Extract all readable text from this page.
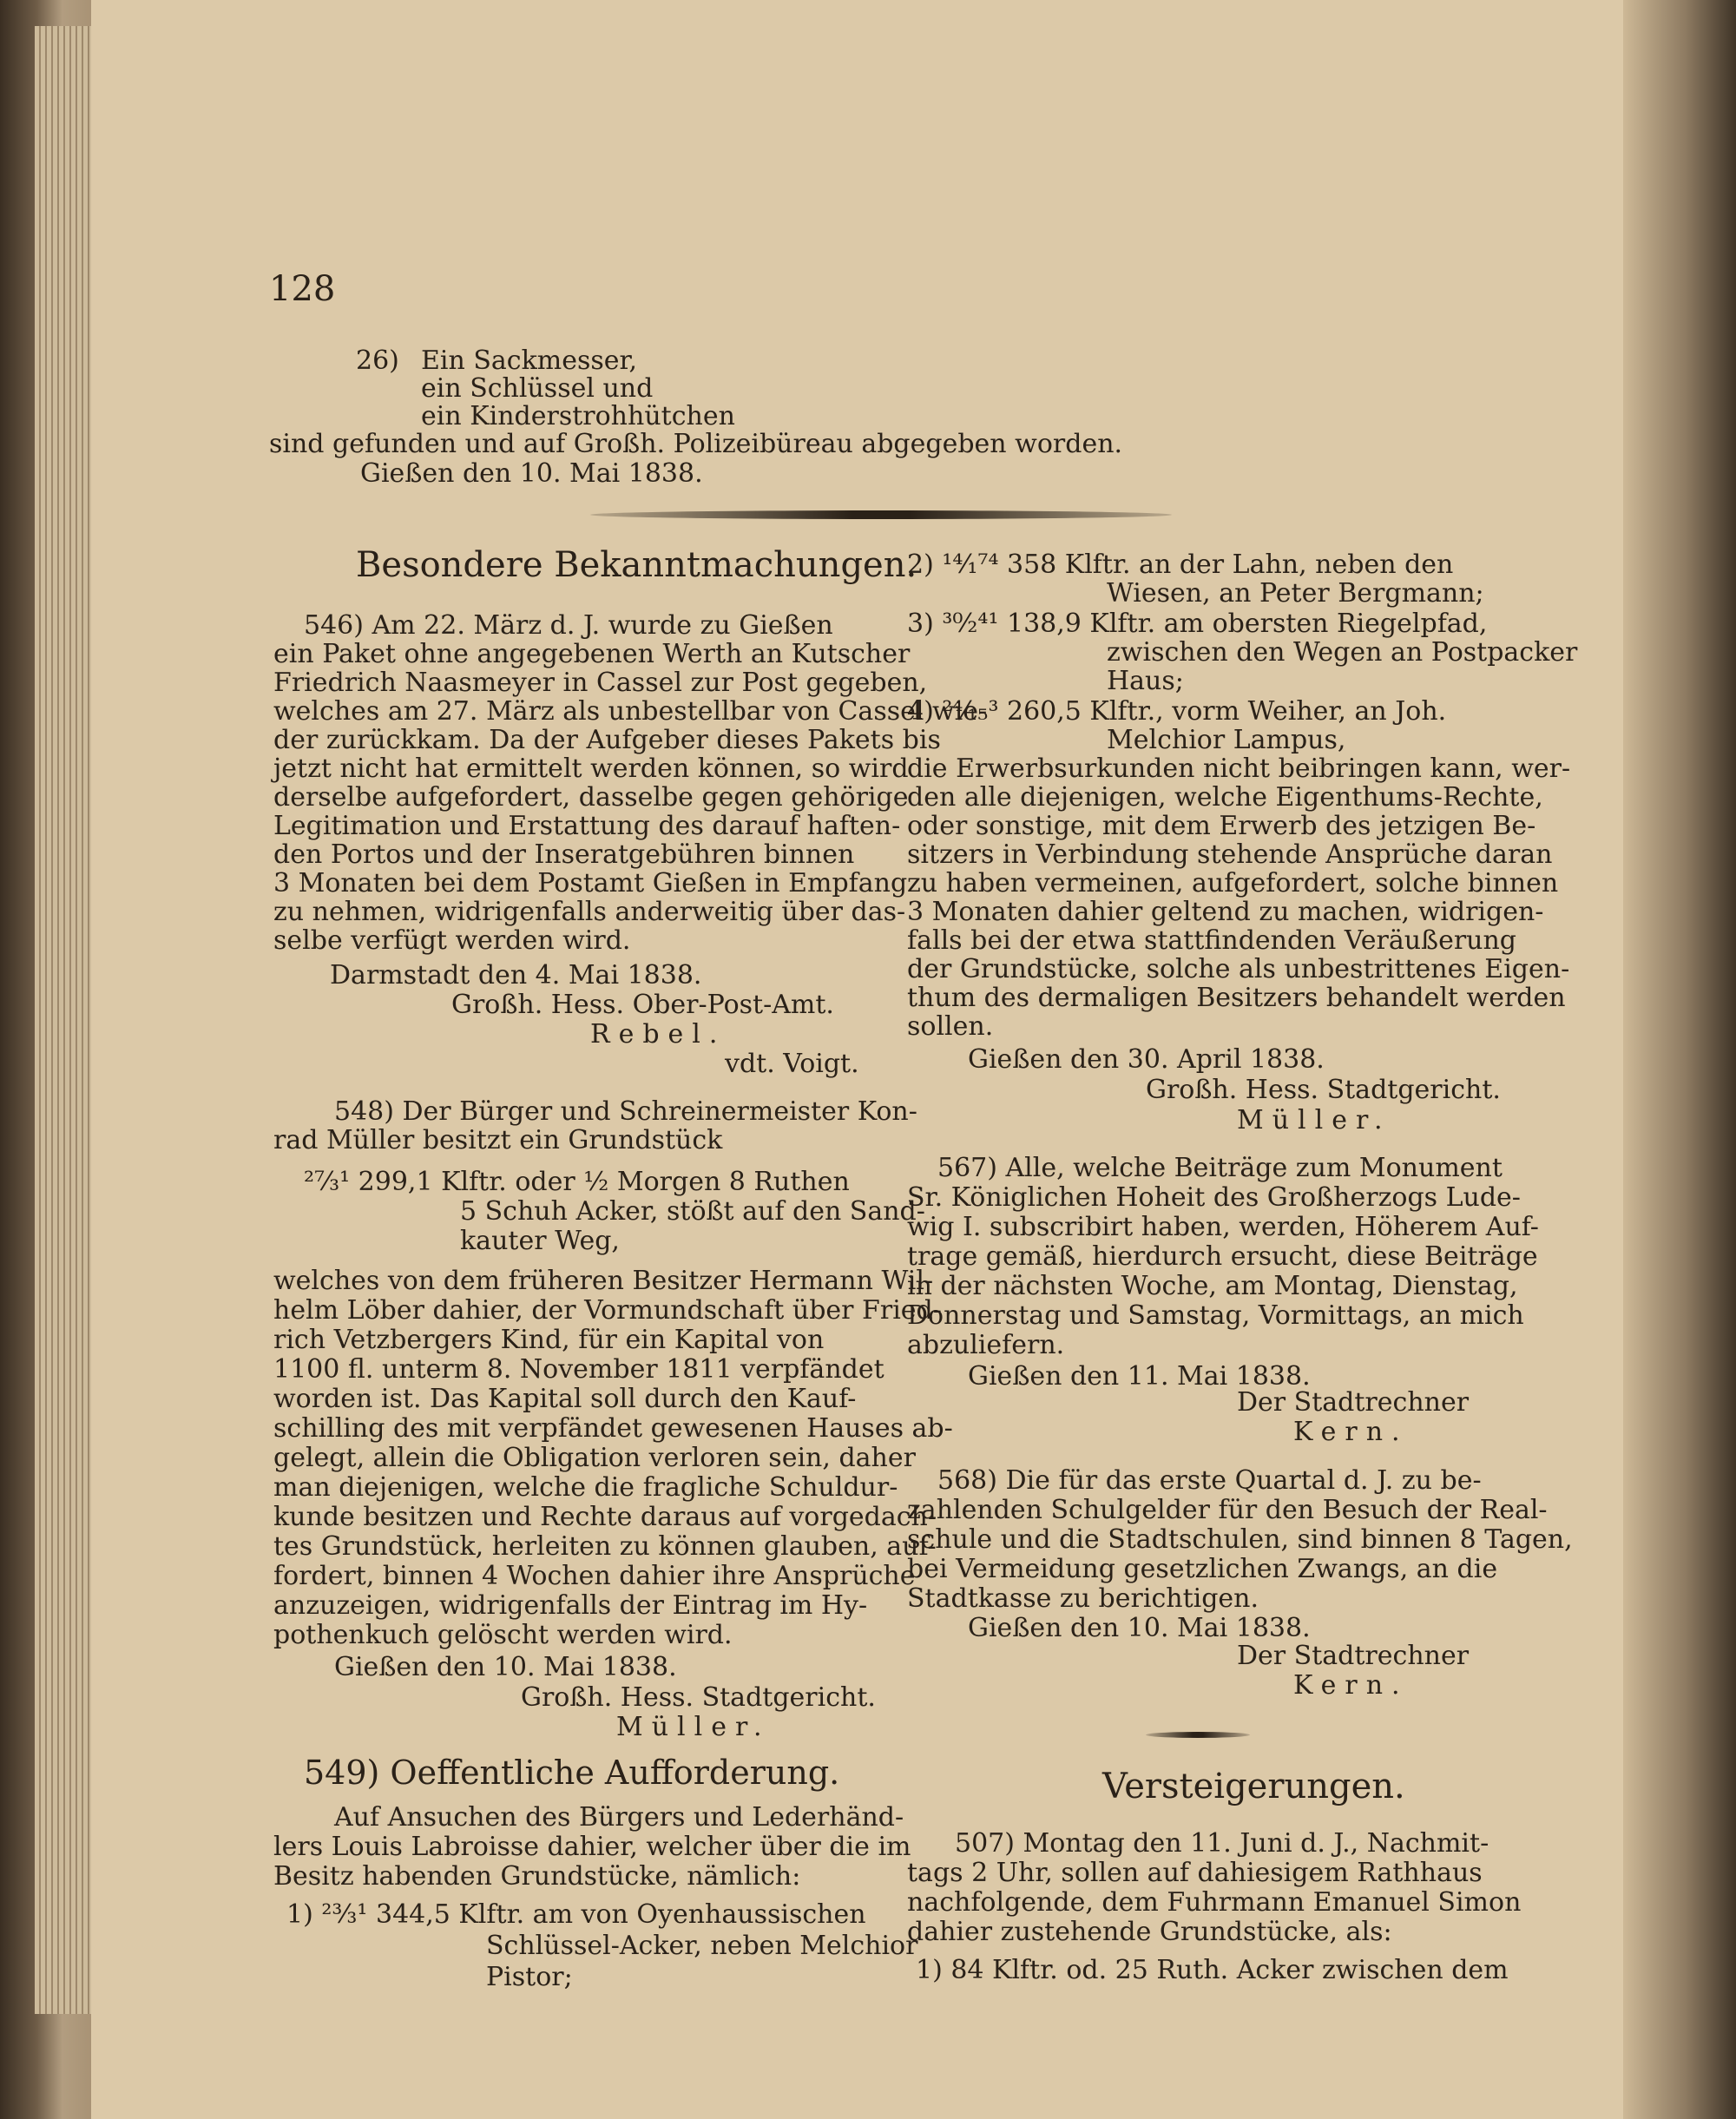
128

26) Ein Sackmesser,

ein Schlüssel und

ein Kinderstrohhütchen

sind gefunden und auf Großh. Polizeibüreau abgegeben worden.

Gießen den 10. Mai 1838.

Besondere Bekanntmachungen.

546) Am 22. März d. J. wurde zu Gießen

ein Paket ohne angegebenen Werth an Kutscher

Friedrich Naasmeyer in Cassel zur Post gegeben,

welches am 27. März als unbestellbar von Cassel wie-

der zurückkam. Da der Aufgeber dieses Pakets bis

jetzt nicht hat ermittelt werden können, so wird

derselbe aufgefordert, dasselbe gegen gehörige

Legitimation und Erstattung des darauf haften-

den Portos und der Inseratgebühren binnen

3 Monaten bei dem Postamt Gießen in Empfang

zu nehmen, widrigenfalls anderweitig über das-

selbe verfügt werden wird.

Darmstadt den 4. Mai 1838.

Großh. Hess. Ober-Post-Amt.

Rebel.

vdt. Voigt.

548) Der Bürger und Schreinermeister Kon-

rad Müller besitzt ein Grundstück

²⁷⁄₃¹ 299,1 Klftr. oder ½ Morgen 8 Ruthen

5 Schuh Acker, stößt auf den Sand-

kauter Weg,

welches von dem früheren Besitzer Hermann Wil-

helm Löber dahier, der Vormundschaft über Fried-

rich Vetzbergers Kind, für ein Kapital von

1100 fl. unterm 8. November 1811 verpfändet

worden ist. Das Kapital soll durch den Kauf-

schilling des mit verpfändet gewesenen Hauses ab-

gelegt, allein die Obligation verloren sein, daher

man diejenigen, welche die fragliche Schuldur-

kunde besitzen und Rechte daraus auf vorgedach-

tes Grundstück, herleiten zu können glauben, auf-

fordert, binnen 4 Wochen dahier ihre Ansprüche

anzuzeigen, widrigenfalls der Eintrag im Hy-

pothenkuch gelöscht werden wird.

Gießen den 10. Mai 1838.

Großh. Hess. Stadtgericht.

Müller.

549) Oeffentliche Aufforderung.

Auf Ansuchen des Bürgers und Lederhänd-

lers Louis Labroisse dahier, welcher über die im

Besitz habenden Grundstücke, nämlich:

1) ²³⁄₃¹ 344,5 Klftr. am von Oyenhaussischen

Schlüssel-Acker, neben Melchior

Pistor;

2) ¹⁴⁄₁⁷⁴ 358 Klftr. an der Lahn, neben den

Wiesen, an Peter Bergmann;

3) ³⁰⁄₂⁴¹ 138,9 Klftr. am obersten Riegelpfad,

zwischen den Wegen an Postpacker

Haus;

4) ²⁴⁄₁₅³ 260,5 Klftr., vorm Weiher, an Joh.

Melchior Lampus,

die Erwerbsurkunden nicht beibringen kann, wer-

den alle diejenigen, welche Eigenthums-Rechte,

oder sonstige, mit dem Erwerb des jetzigen Be-

sitzers in Verbindung stehende Ansprüche daran

zu haben vermeinen, aufgefordert, solche binnen

3 Monaten dahier geltend zu machen, widrigen-

falls bei der etwa stattfindenden Veräußerung

der Grundstücke, solche als unbestrittenes Eigen-

thum des dermaligen Besitzers behandelt werden

sollen.

Gießen den 30. April 1838.

Großh. Hess. Stadtgericht.

Müller.

567) Alle, welche Beiträge zum Monument

Sr. Königlichen Hoheit des Großherzogs Lude-

wig I. subscribirt haben, werden, Höherem Auf-

trage gemäß, hierdurch ersucht, diese Beiträge

in der nächsten Woche, am Montag, Dienstag,

Donnerstag und Samstag, Vormittags, an mich

abzuliefern.

Gießen den 11. Mai 1838.

Der Stadtrechner

Kern.

568) Die für das erste Quartal d. J. zu be-

zahlenden Schulgelder für den Besuch der Real-

schule und die Stadtschulen, sind binnen 8 Tagen,

bei Vermeidung gesetzlichen Zwangs, an die

Stadtkasse zu berichtigen.

Gießen den 10. Mai 1838.

Der Stadtrechner

Kern.

Versteigerungen.

507) Montag den 11. Juni d. J., Nachmit-

tags 2 Uhr, sollen auf dahiesigem Rathhaus

nachfolgende, dem Fuhrmann Emanuel Simon

dahier zustehende Grundstücke, als:

1) 84 Klftr. od. 25 Ruth. Acker zwischen dem
